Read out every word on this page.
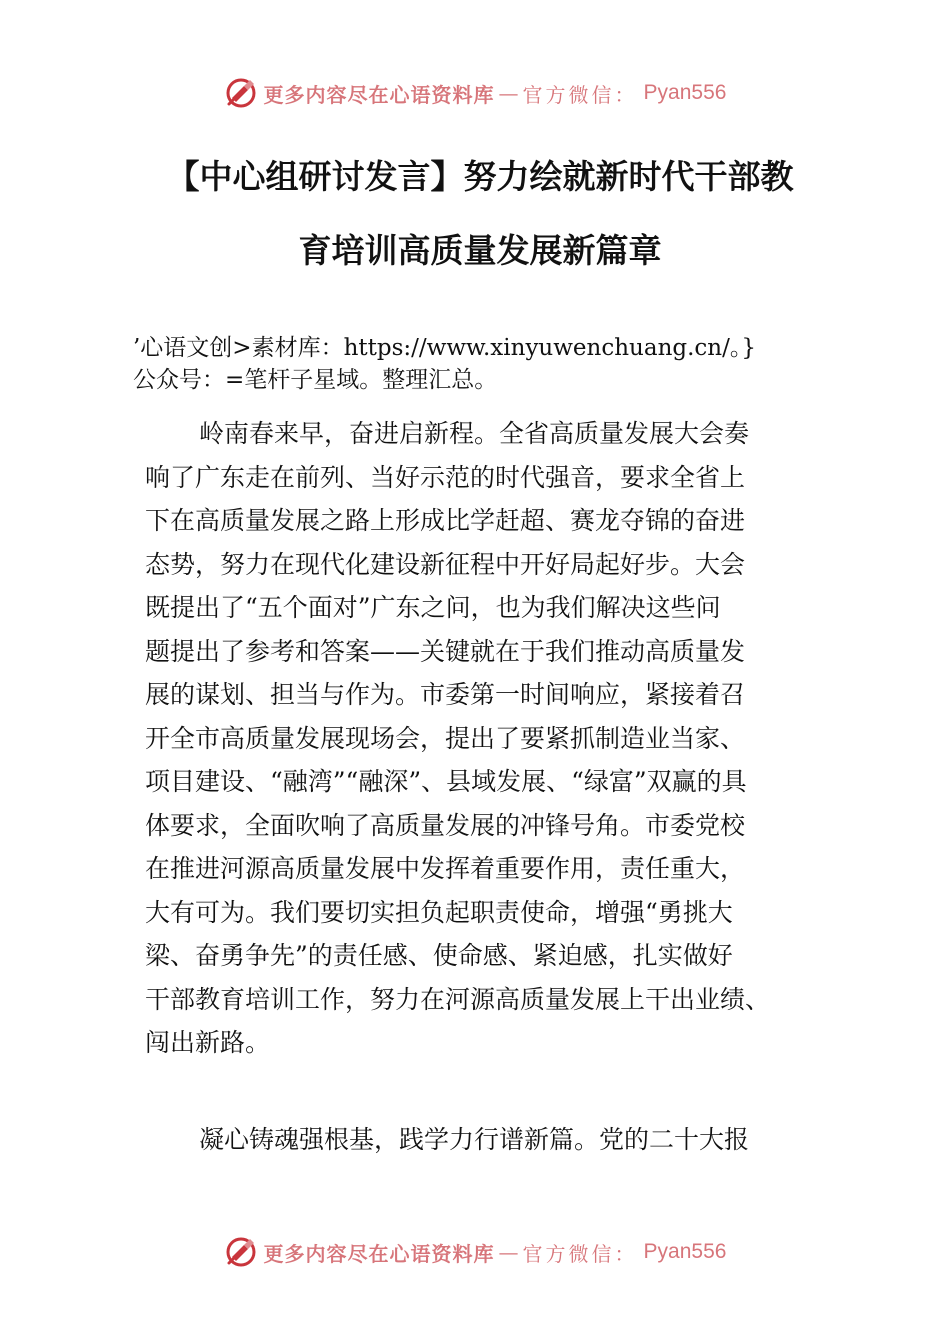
更多内容尽在心语资料库 — 官方微信： Pyan556
【中心组研讨发言】努力绘就新时代干部教
育培训高质量发展新篇章
’心语文创>素材库：https://www.xinyuwenchuang.cn/。}
公众号：=笔杆子星域。整理汇总。
岭南春来早，奋进启新程。全省高质量发展大会奏
响了广东走在前列、当好示范的时代强音，要求全省上
下在高质量发展之路上形成比学赶超、赛龙夺锦的奋进
态势，努力在现代化建设新征程中开好局起好步。大会
既提出了“五个面对”广东之问，也为我们解决这些问
题提出了参考和答案——关键就在于我们推动高质量发
展的谋划、担当与作为。市委第一时间响应，紧接着召
开全市高质量发展现场会，提出了要紧抓制造业当家、
项目建设、“融湾”“融深”、县域发展、“绿富”双赢的具
体要求，全面吹响了高质量发展的冲锋号角。市委党校
在推进河源高质量发展中发挥着重要作用，责任重大，
大有可为。我们要切实担负起职责使命，增强“勇挑大
梁、奋勇争先”的责任感、使命感、紧迫感，扎实做好
干部教育培训工作，努力在河源高质量发展上干出业绩、
闯出新路。
凝心铸魂强根基，践学力行谱新篇。党的二十大报
更多内容尽在心语资料库 — 官方微信： Pyan556
